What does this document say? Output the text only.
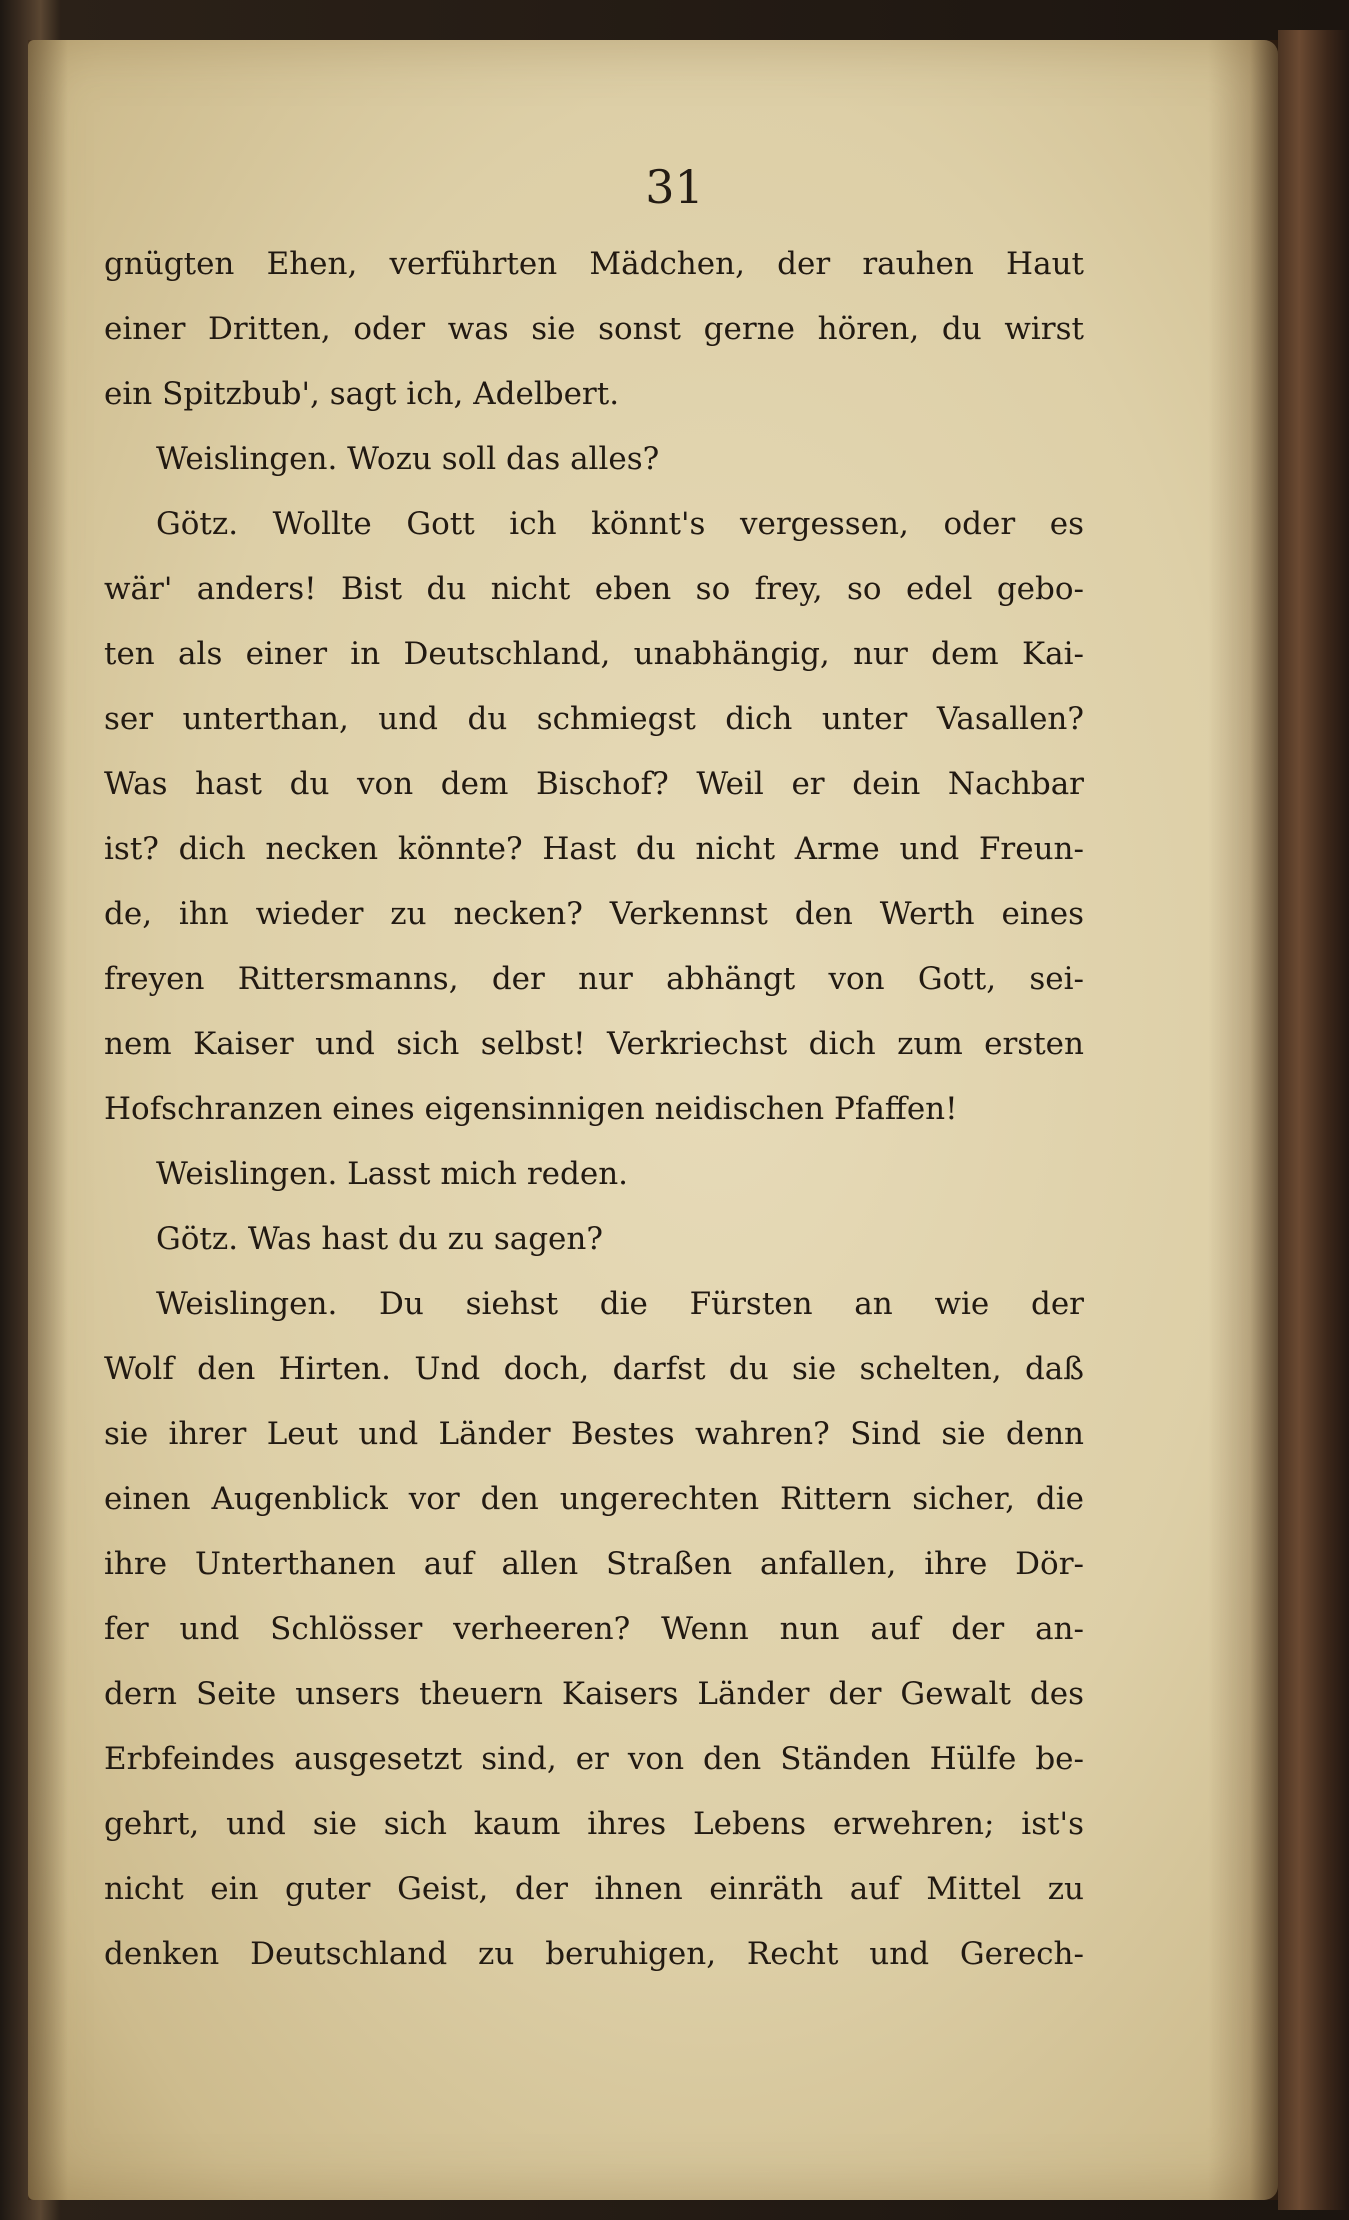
31
gnügten Ehen, verführten Mädchen, der rauhen Haut
einer Dritten, oder was sie sonst gerne hören, du wirst
ein Spitzbub', sagt ich, Adelbert.
Weislingen. Wozu soll das alles?
Götz. Wollte Gott ich könnt's vergessen, oder es
wär' anders! Bist du nicht eben so frey, so edel gebo-
ten als einer in Deutschland, unabhängig, nur dem Kai-
ser unterthan, und du schmiegst dich unter Vasallen?
Was hast du von dem Bischof? Weil er dein Nachbar
ist? dich necken könnte? Hast du nicht Arme und Freun-
de, ihn wieder zu necken? Verkennst den Werth eines
freyen Rittersmanns, der nur abhängt von Gott, sei-
nem Kaiser und sich selbst! Verkriechst dich zum ersten
Hofschranzen eines eigensinnigen neidischen Pfaffen!
Weislingen. Lasst mich reden.
Götz. Was hast du zu sagen?
Weislingen. Du siehst die Fürsten an wie der
Wolf den Hirten. Und doch, darfst du sie schelten, daß
sie ihrer Leut und Länder Bestes wahren? Sind sie denn
einen Augenblick vor den ungerechten Rittern sicher, die
ihre Unterthanen auf allen Straßen anfallen, ihre Dör-
fer und Schlösser verheeren? Wenn nun auf der an-
dern Seite unsers theuern Kaisers Länder der Gewalt des
Erbfeindes ausgesetzt sind, er von den Ständen Hülfe be-
gehrt, und sie sich kaum ihres Lebens erwehren; ist's
nicht ein guter Geist, der ihnen einräth auf Mittel zu
denken Deutschland zu beruhigen, Recht und Gerech-
